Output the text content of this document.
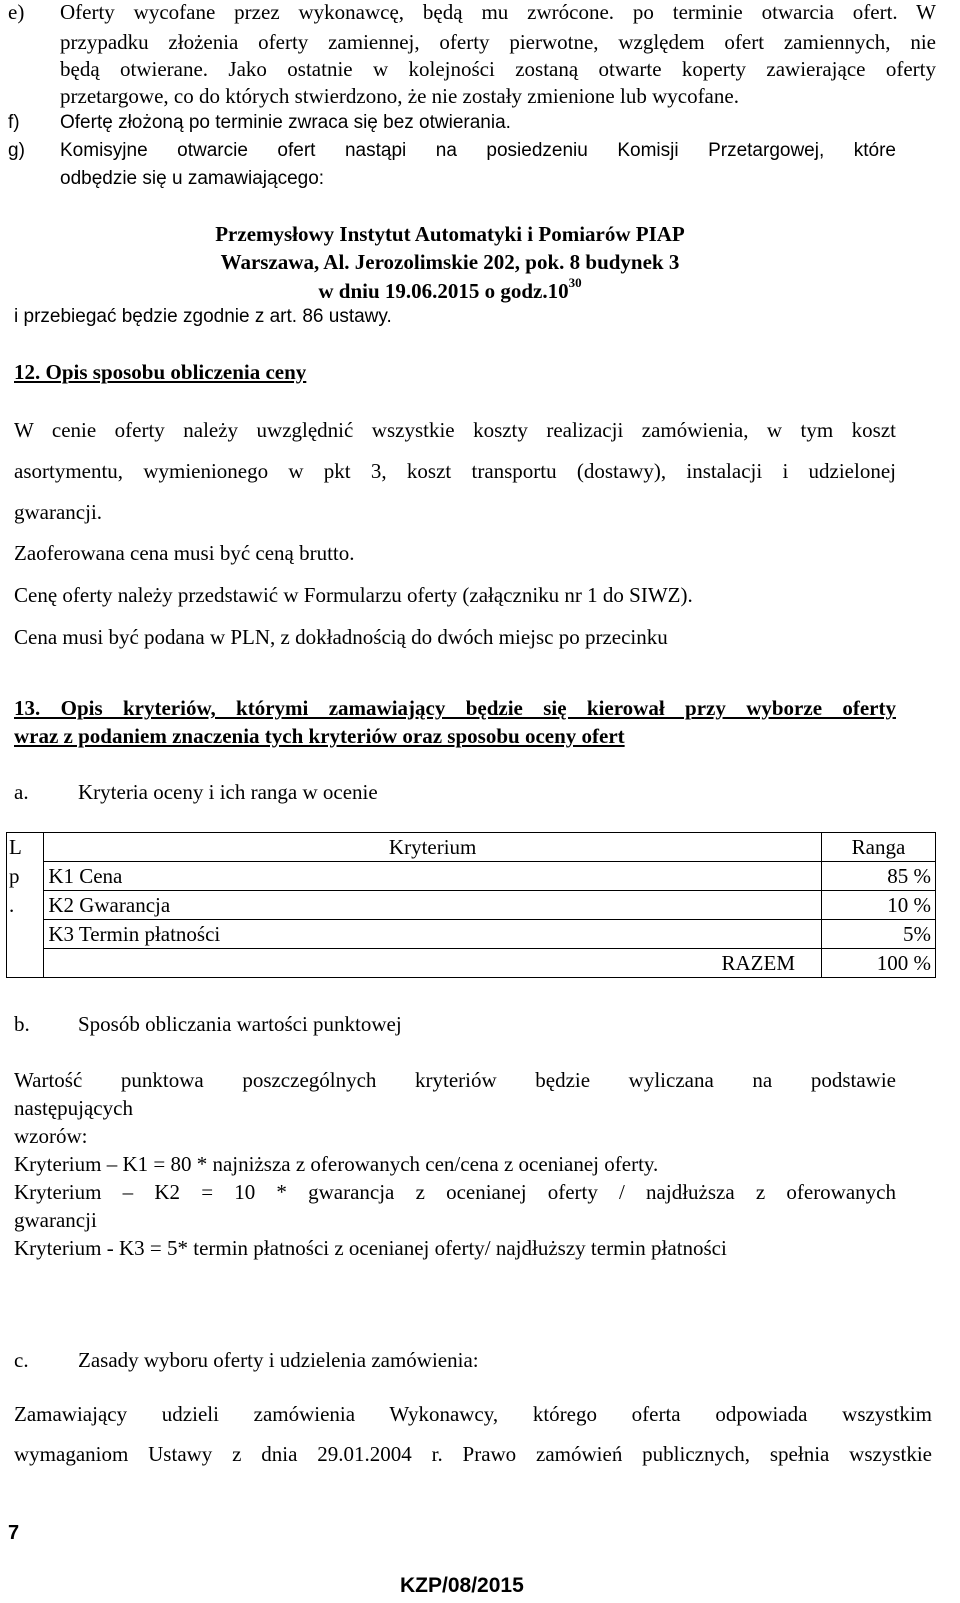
e) Oferty wycofane przez wykonawcę, będą mu zwrócone. po terminie otwarcia ofert. W
przypadku złożenia oferty zamiennej, oferty pierwotne, względem ofert zamiennych, nie
będą otwierane. Jako ostatnie w kolejności zostaną otwarte koperty zawierające oferty
przetargowe, co do których stwierdzono, że nie zostały zmienione lub wycofane.
f) Ofertę złożoną po terminie zwraca się bez otwierania.
g) Komisyjne otwarcie ofert nastąpi na posiedzeniu Komisji Przetargowej, które
odbędzie się u zamawiającego:
Przemysłowy Instytut Automatyki i Pomiarów PIAP
Warszawa, Al. Jerozolimskie 202, pok. 8 budynek 3
w dniu 19.06.2015 o $godz.10^{30}$
i przebiegać będzie zgodnie z art. 86 ustawy.
12. Opis sposobu obliczenia ceny
W cenie oferty należy uwzględnić wszystkie koszty realizacji zamówienia, w tym koszt
asortymentu, wymienionego w pkt 3, koszt transportu (dostawy), instalacji i udzielonej
gwarancji.
Zaoferowana cena musi być ceną brutto.
Cenę oferty należy przedstawić w Formularzu oferty (załączniku nr 1 do SIWZ).
Cena musi być podana w PLN, z dokładnością do dwóch miejsc po przecinku
13. Opis kryteriów, którymi zamawiający będzie się kierował przy wyborze oferty
wraz z podaniem znaczenia tych kryteriów oraz sposobu oceny ofert
a. Kryteria oceny i ich ranga w ocenie
L	Kryterium	Ranga
p	K1 Cena	85 %
.	K2 Gwarancja	10 %
	K3 Termin płatności	5%
	RAZEM	100 %
b. Sposób obliczania wartości punktowej
Wartość punktowa poszczególnych kryteriów będzie wyliczana na podstawie
następujących
wzorów:
Kryterium – K1 = 80 * najniższa z oferowanych cen/cena z ocenianej oferty.
Kryterium – K2 = 10 * gwarancja z ocenianej oferty / najdłuższa z oferowanych
gwarancji
Kryterium - K3 = 5* termin płatności z ocenianej oferty/ najdłuższy termin płatności
c. Zasady wyboru oferty i udzielenia zamówienia:
Zamawiający udzieli zamówienia Wykonawcy, którego oferta odpowiada wszystkim
wymaganiom Ustawy z dnia 29.01.2004 r. Prawo zamówień publicznych, spełnia wszystkie
7
KZP/08/2015
